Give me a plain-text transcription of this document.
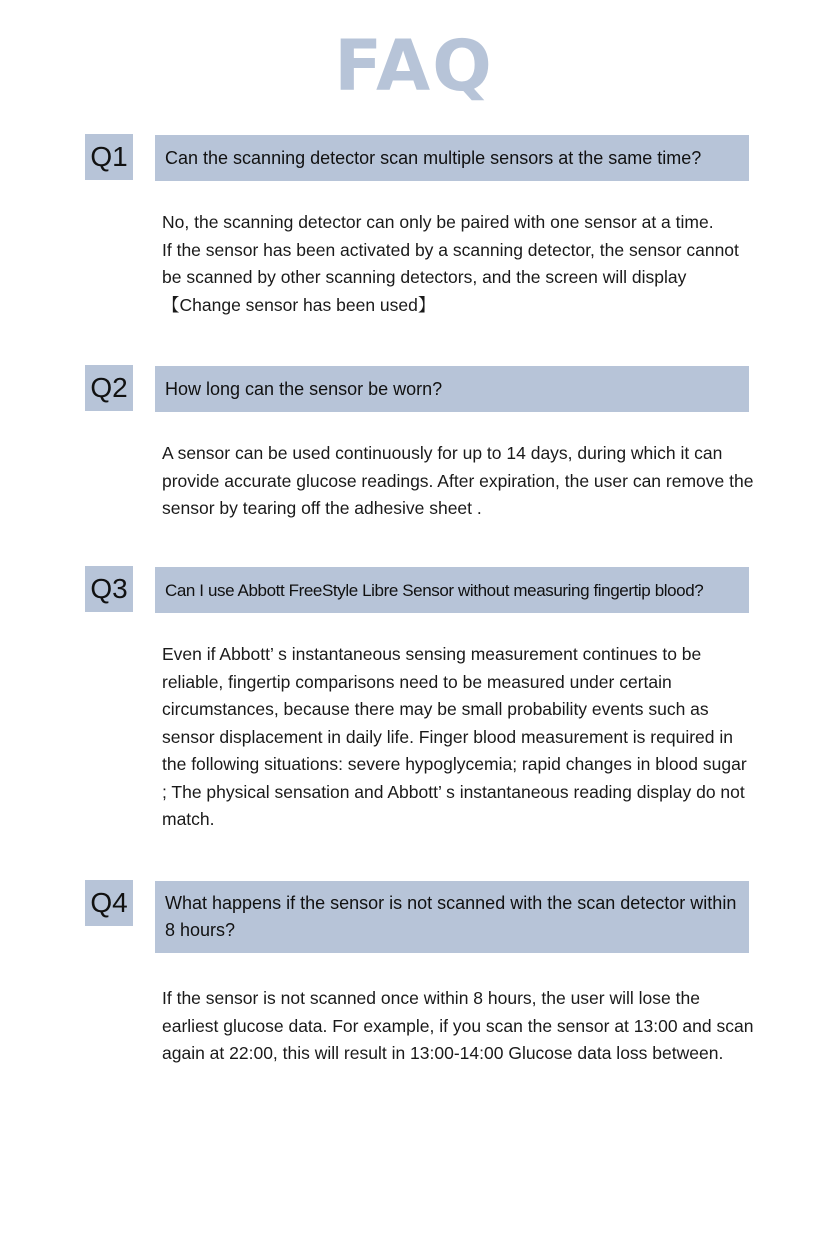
FAQ
Q1	Can the scanning detector scan multiple sensors at the same time?

No, the scanning detector can only be paired with one sensor at a time.

If the sensor has been activated by a scanning detector, the sensor cannot be scanned by other scanning detectors, and the screen will display 【Change sensor has been used】

Q2	How long can the sensor be worn?

A sensor can be used continuously for up to 14 days, during which it can provide accurate glucose readings. After expiration, the user can remove the sensor by tearing off the adhesive sheet .

Q3	Can I use Abbott FreeStyle Libre Sensor without measuring fingertip blood?

Even if Abbott’ s instantaneous sensing measurement continues to be reliable, fingertip comparisons need to be measured under certain circumstances, because there may be small probability events such as sensor displacement in daily life. Finger blood measurement is required in the following situations: severe hypoglycemia; rapid changes in blood sugar ; The physical sensation and Abbott’ s instantaneous reading display do not match.

Q4	What happens if the sensor is not scanned with the scan detector within 8 hours?

If the sensor is not scanned once within 8 hours, the user will lose the earliest glucose data. For example, if you scan the sensor at 13:00 and scan again at 22:00, this will result in 13:00-14:00 Glucose data loss between.
